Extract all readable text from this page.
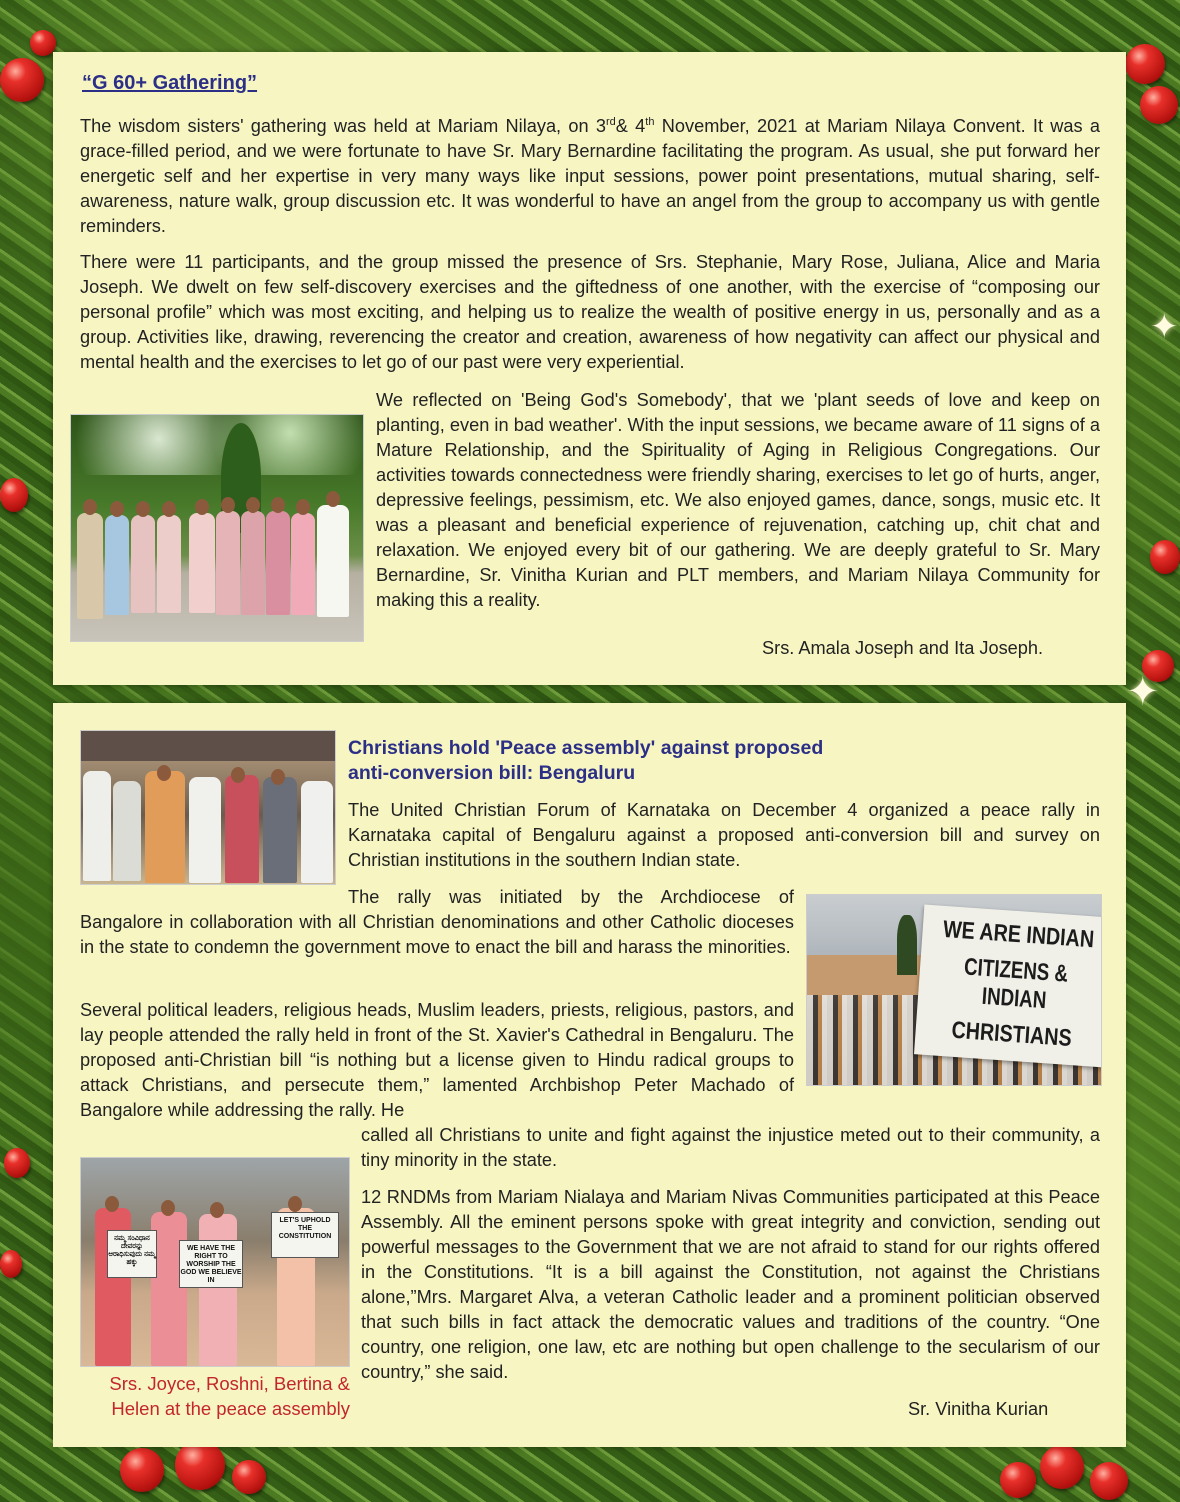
✦
✦

“G 60+ Gathering”

The wisdom sisters' gathering was held at Mariam Nilaya, on 3rd& 4th November, 2021 at Mariam Nilaya Convent. It was a grace-filled period, and we were fortunate to have Sr. Mary Bernardine facilitating the program. As usual, she put forward her energetic self and her expertise in very many ways like input sessions, power point presentations, mutual sharing, self-awareness, nature walk, group discussion etc. It was wonderful to have an angel from the group to accompany us with gentle reminders.

There were 11 participants, and the group missed the presence of Srs. Stephanie, Mary Rose, Juliana, Alice and Maria Joseph. We dwelt on few self-discovery exercises and the giftedness of one another, with the exercise of “composing our personal profile” which was most exciting, and helping us to realize the wealth of positive energy in us, personally and as a group. Activities like, drawing, reverencing the creator and creation, awareness of how negativity can affect our physical and mental health and the exercises to let go of our past were very experiential.

We reflected on 'Being God's Somebody', that we 'plant seeds of love and keep on planting, even in bad weather'. With the input sessions, we became aware of 11 signs of a Mature Relationship, and the Spirituality of Aging in Religious Congregations. Our activities towards connectedness were friendly sharing, exercises to let go of hurts, anger, depressive feelings, pessimism, etc. We also enjoyed games, dance, songs, music etc. It was a pleasant and beneficial experience of rejuvenation, catching up, chit chat and relaxation. We enjoyed every bit of our gathering. We are deeply grateful to Sr. Mary Bernardine, Sr. Vinitha Kurian and PLT members, and Mariam Nilaya Community for making this a reality.

Srs. Amala Joseph and Ita Joseph.

Christians hold 'Peace assembly' against proposed
anti-conversion bill: Bengaluru

The United Christian Forum of Karnataka on December 4 organized a peace rally in Karnataka capital of Bengaluru against a proposed anti-conversion bill and survey on Christian institutions in the southern Indian state.

The rally was initiated by the Archdiocese of

Bangalore in collaboration with all Christian denominations and other Catholic dioceses in the state to condemn the government move to enact the bill and harass the minorities.	WE ARE INDIAN
CITIZENS & INDIAN
CHRISTIANS

Several political leaders, religious heads, Muslim leaders, priests, religious, pastors, and lay people attended the rally held in front of the St. Xavier's Cathedral in Bengaluru. The proposed anti-Christian bill “is nothing but a license given to Hindu radical groups to attack Christians, and persecute them,” lamented Archbishop Peter Machado of Bangalore while addressing the rally. He

called all Christians to unite and fight against the injustice meted out to their community, a tiny minority in the state.

ನಮ್ಮ ಸಂವಿಧಾನ ದೇವರನ್ನು ಆರಾಧಿಸುವುದು ನಮ್ಮ ಹಕ್ಕು
WE HAVE THE RIGHT TO WORSHIP THE GOD WE BELIEVE IN
LET'S UPHOLD THE CONSTITUTION

Srs. Joyce, Roshni, Bertina & Helen at the peace assembly

12 RNDMs from Mariam Nialaya and Mariam Nivas Communities participated at this Peace Assembly. All the eminent persons spoke with great integrity and conviction, sending out powerful messages to the Government that we are not afraid to stand for our rights offered in the Constitutions. “It is a bill against the Constitution, not against the Christians alone,”Mrs. Margaret Alva, a veteran Catholic leader and a prominent politician observed that such bills in fact attack the democratic values and traditions of the country. “One country, one religion, one law, etc are nothing but open challenge to the secularism of our country,” she said.

Sr. Vinitha Kurian
